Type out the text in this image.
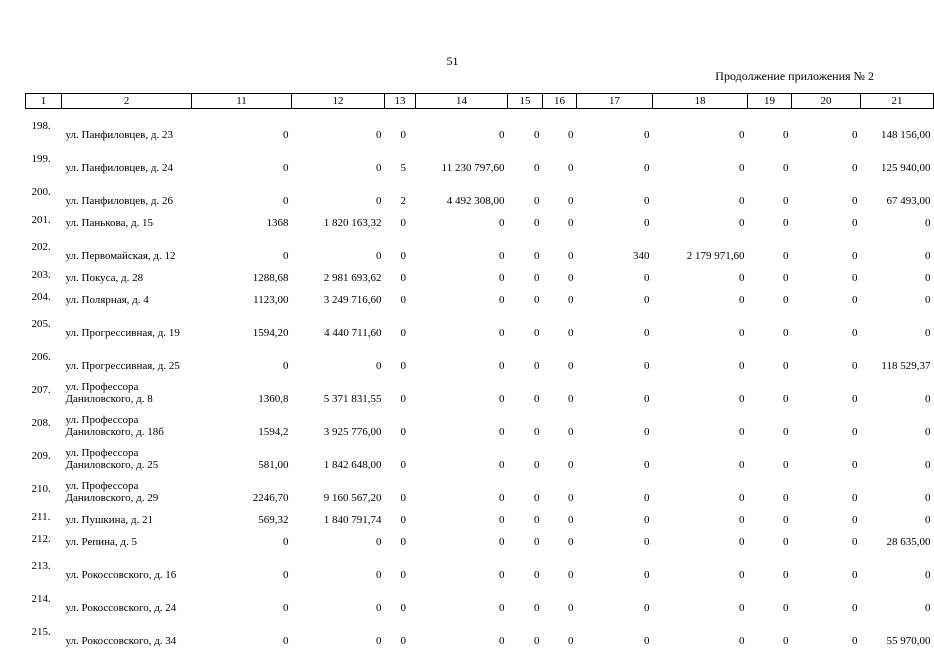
51
Продолжение приложения № 2
1	2	11	12	13	14	15	16	17	18	19	20	21
198.	ул. Панфиловцев, д. 23	0	0	0	0	0	0	0	0	0	0	148 156,00
199.	ул. Панфиловцев, д. 24	0	0	5	11 230 797,60	0	0	0	0	0	0	125 940,00
200.	ул. Панфиловцев, д. 26	0	0	2	4 492 308,00	0	0	0	0	0	0	67 493,00
201.	ул. Панькова, д. 15	1368	1 820 163,32	0	0	0	0	0	0	0	0	0
202.	ул. Первомайская, д. 12	0	0	0	0	0	0	340	2 179 971,60	0	0	0
203.	ул. Покуса, д. 28	1288,68	2 981 693,62	0	0	0	0	0	0	0	0	0
204.	ул. Полярная, д. 4	1123,00	3 249 716,60	0	0	0	0	0	0	0	0	0
205.	ул. Прогрессивная, д. 19	1594,20	4 440 711,60	0	0	0	0	0	0	0	0	0
206.	ул. Прогрессивная, д. 25	0	0	0	0	0	0	0	0	0	0	118 529,37
207.	ул. Профессора Даниловского, д. 8	1360,8	5 371 831,55	0	0	0	0	0	0	0	0	0
208.	ул. Профессора Даниловского, д. 18б	1594,2	3 925 776,00	0	0	0	0	0	0	0	0	0
209.	ул. Профессора Даниловского, д. 25	581,00	1 842 648,00	0	0	0	0	0	0	0	0	0
210.	ул. Профессора Даниловского, д. 29	2246,70	9 160 567,20	0	0	0	0	0	0	0	0	0
211.	ул. Пушкина, д. 21	569,32	1 840 791,74	0	0	0	0	0	0	0	0	0
212.	ул. Репина, д. 5	0	0	0	0	0	0	0	0	0	0	28 635,00
213.	ул. Рокоссовского, д. 16	0	0	0	0	0	0	0	0	0	0	0
214.	ул. Рокоссовского, д. 24	0	0	0	0	0	0	0	0	0	0	0
215.	ул. Рокоссовского, д. 34	0	0	0	0	0	0	0	0	0	0	55 970,00
